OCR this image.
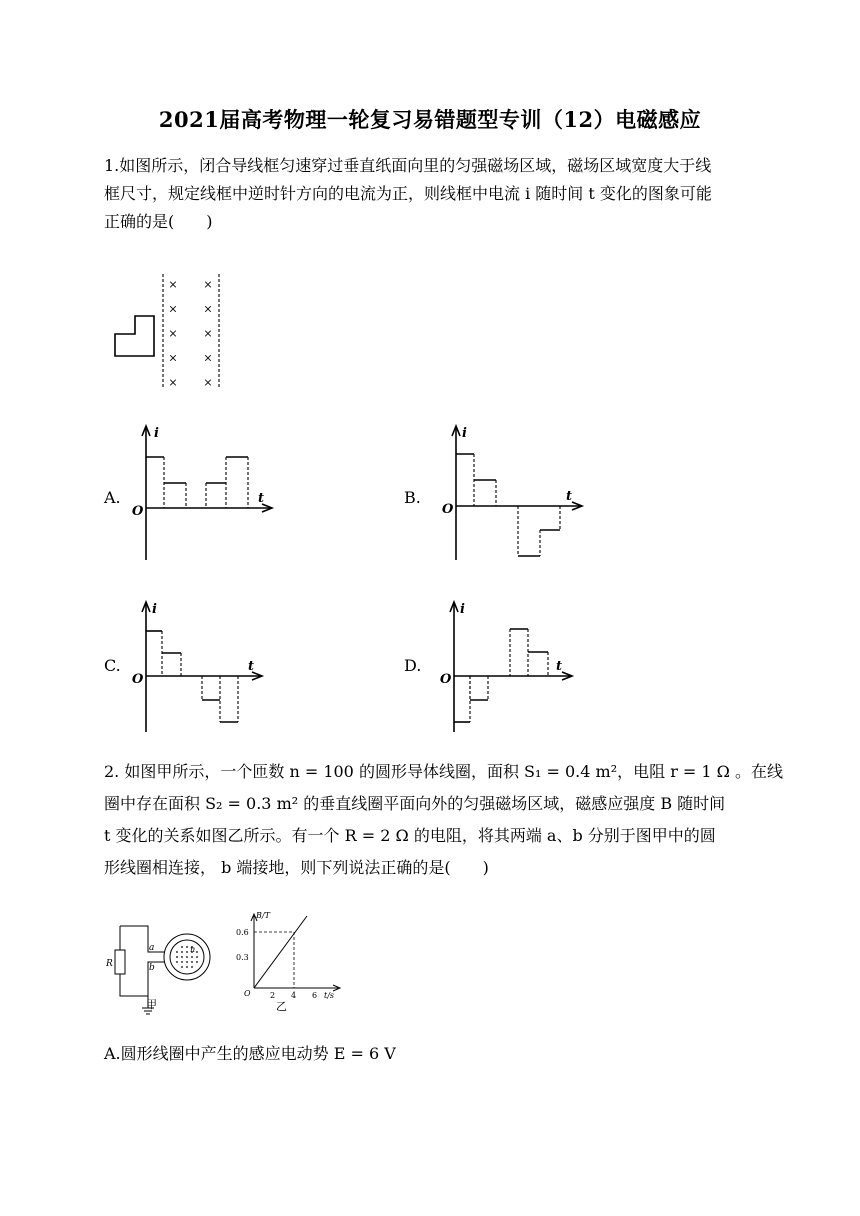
2021届高考物理一轮复习易错题型专训（12）电磁感应
1.如图所示，闭合导线框匀速穿过垂直纸面向里的匀强磁场区域，磁场区域宽度大于线
框尺寸，规定线框中逆时针方向的电流为正，则线框中电流 i 随时间 t 变化的图象可能
正确的是(　　)
×
×
×
×
×
×
×
×
×
×
A.
i
t
O
B.
i
t
O
C.
i
t
O
D.
i
t
O
2. 如图甲所示，一个匝数 n = 100 的圆形导体线圈，面积 S₁ = 0.4 m²，电阻 r = 1 Ω 。在线
圈中存在面积 S₂ = 0.3 m² 的垂直线圈平面向外的匀强磁场区域，磁感应强度 B 随时间
t 变化的关系如图乙所示。有一个 R = 2 Ω 的电阻，将其两端 a、b 分别于图甲中的圆
形线圈相连接， b 端接地，则下列说法正确的是(　　)
R
a
b
n
甲
B/T
t/s
O
0.6
0.3
2 4 6
乙
A.圆形线圈中产生的感应电动势 E = 6 V
